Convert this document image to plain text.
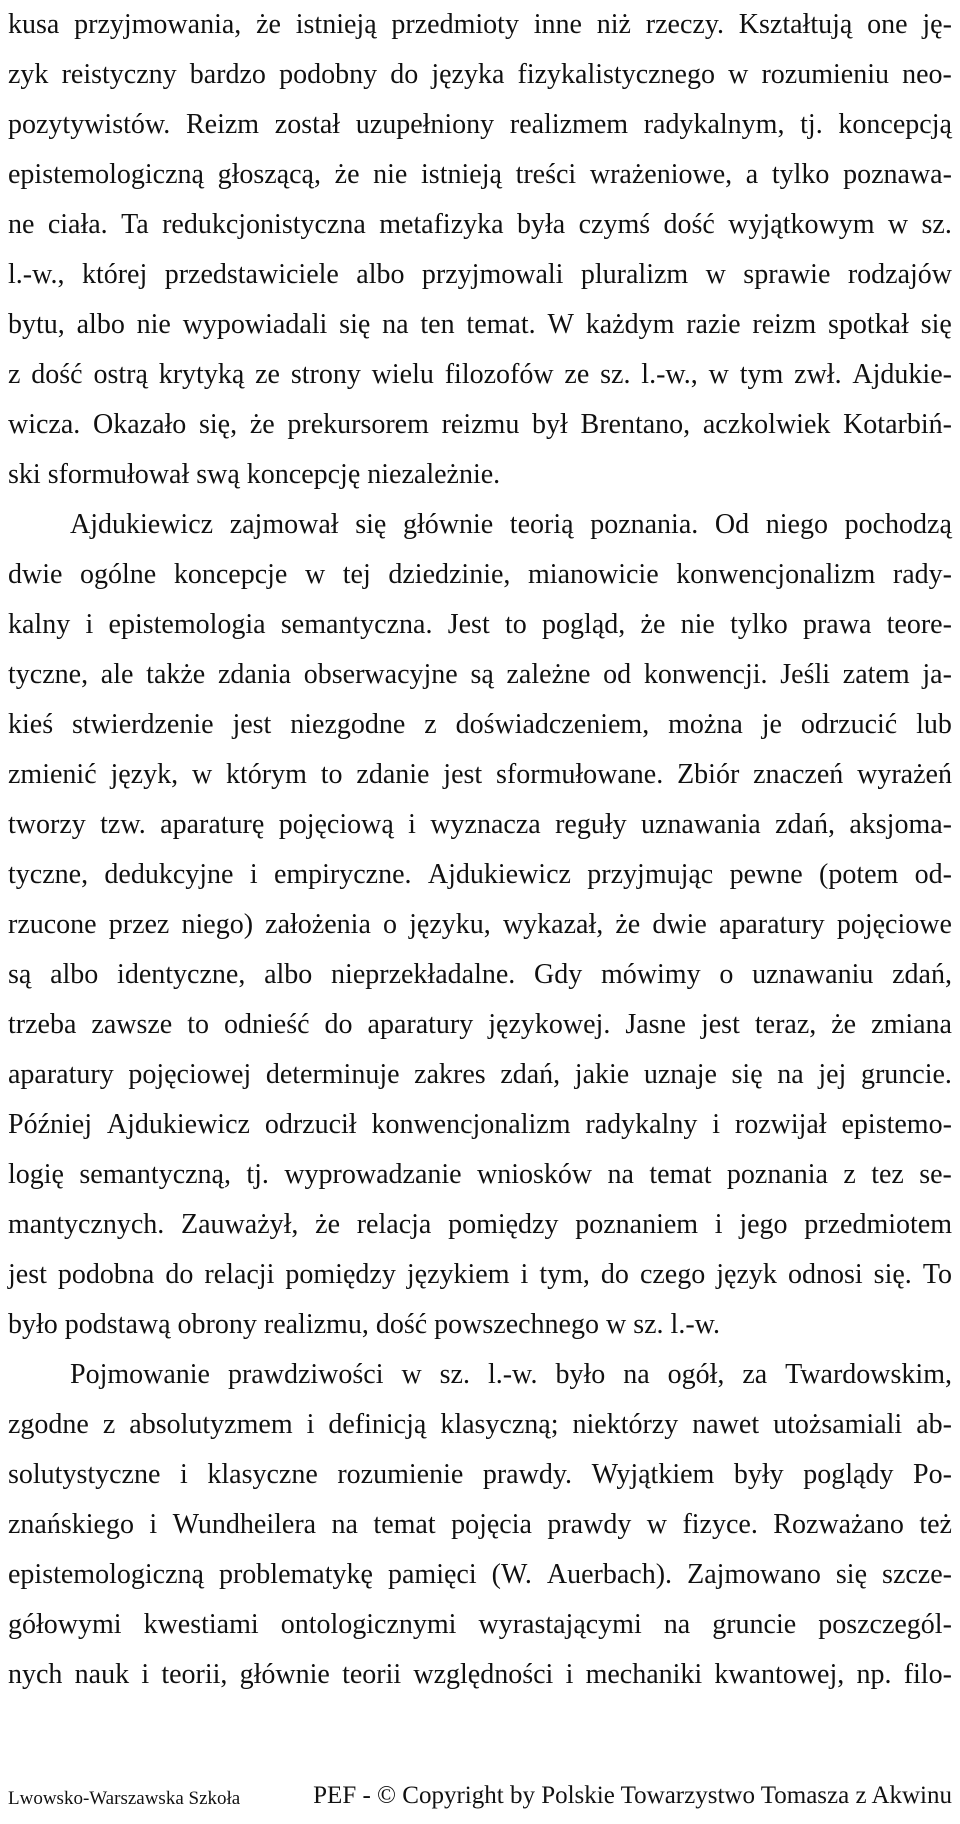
kusa przyjmowania, że istnieją przedmioty inne niż rzeczy. Kształtują one ję-
zyk reistyczny bardzo podobny do języka fizykalistycznego w rozumieniu neo-
pozytywistów. Reizm został uzupełniony realizmem radykalnym, tj. koncepcją
epistemologiczną głoszącą, że nie istnieją treści wrażeniowe, a tylko poznawa-
ne ciała. Ta redukcjonistyczna metafizyka była czymś dość wyjątkowym w sz.
l.-w., której przedstawiciele albo przyjmowali pluralizm w sprawie rodzajów
bytu, albo nie wypowiadali się na ten temat. W każdym razie reizm spotkał się
z dość ostrą krytyką ze strony wielu filozofów ze sz. l.-w., w tym zwł. Ajdukie-
wicza. Okazało się, że prekursorem reizmu był Brentano, aczkolwiek Kotarbiń-
ski sformułował swą koncepcję niezależnie.
Ajdukiewicz zajmował się głównie teorią poznania. Od niego pochodzą
dwie ogólne koncepcje w tej dziedzinie, mianowicie konwencjonalizm rady-
kalny i epistemologia semantyczna. Jest to pogląd, że nie tylko prawa teore-
tyczne, ale także zdania obserwacyjne są zależne od konwencji. Jeśli zatem ja-
kieś stwierdzenie jest niezgodne z doświadczeniem, można je odrzucić lub
zmienić język, w którym to zdanie jest sformułowane. Zbiór znaczeń wyrażeń
tworzy tzw. aparaturę pojęciową i wyznacza reguły uznawania zdań, aksjoma-
tyczne, dedukcyjne i empiryczne. Ajdukiewicz przyjmując pewne (potem od-
rzucone przez niego) założenia o języku, wykazał, że dwie aparatury pojęciowe
są albo identyczne, albo nieprzekładalne. Gdy mówimy o uznawaniu zdań,
trzeba zawsze to odnieść do aparatury językowej. Jasne jest teraz, że zmiana
aparatury pojęciowej determinuje zakres zdań, jakie uznaje się na jej gruncie.
Później Ajdukiewicz odrzucił konwencjonalizm radykalny i rozwijał epistemo-
logię semantyczną, tj. wyprowadzanie wniosków na temat poznania z tez se-
mantycznych. Zauważył, że relacja pomiędzy poznaniem i jego przedmiotem
jest podobna do relacji pomiędzy językiem i tym, do czego język odnosi się. To
było podstawą obrony realizmu, dość powszechnego w sz. l.-w.
Pojmowanie prawdziwości w sz. l.-w. było na ogół, za Twardowskim,
zgodne z absolutyzmem i definicją klasyczną; niektórzy nawet utożsamiali ab-
solutystyczne i klasyczne rozumienie prawdy. Wyjątkiem były poglądy Po-
znańskiego i Wundheilera na temat pojęcia prawdy w fizyce. Rozważano też
epistemologiczną problematykę pamięci (W. Auerbach). Zajmowano się szcze-
gółowymi kwestiami ontologicznymi wyrastającymi na gruncie poszczegól-
nych nauk i teorii, głównie teorii względności i mechaniki kwantowej, np. filo-
Lwowsko-Warszawska Szkoła	PEF - © Copyright by Polskie Towarzystwo Tomasza z Akwinu
